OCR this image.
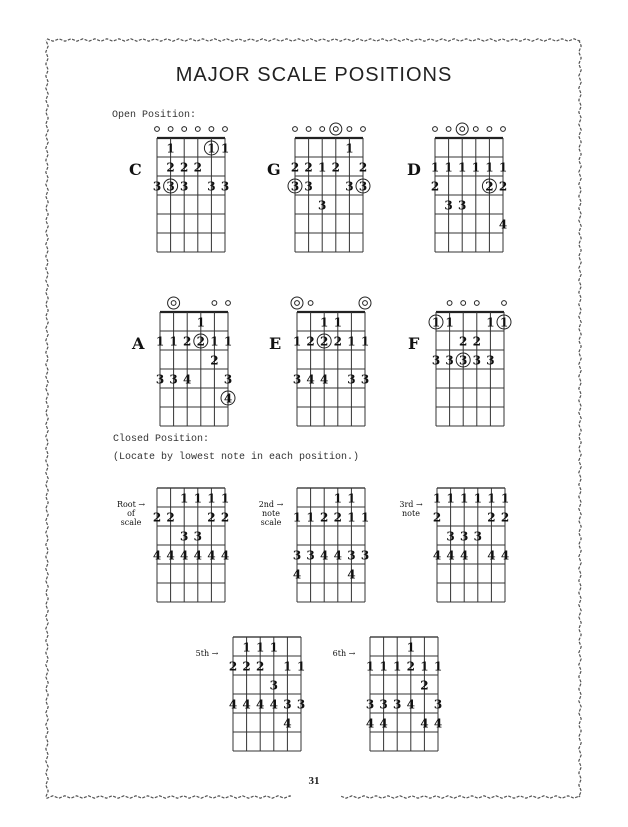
MAJOR SCALE POSITIONS
Open Position:
Closed Position:
(Locate by lowest note in each position.)
1	1 1
2 2 2
3 3 3 3 3
C
1
2 2 1 2 2
3 3	3 3
3
G	1 1 1 1 1 1
2	2 2
3 3
4
D
1
1 1 2 2 1 1
2
3 3 4	3
4
A
1 1
1 2 2 2 1 1
3 4 4 3 3
E
1 1	1 1
2 2
3 3 3 3 3
F
1 1 1 1
2 2	2 2
3 3
4 4 4 4 4 4
Root →
of
scale
1 1
1 1 2 2 1 1
3 3 4 4 3 3
4	4
2nd →
note
scale
1 1 1 1 1 1
2	2 2
3 3 3
4 4 4 4 4
3rd →
note
1 1 1
2 2 2 1 1
3
4 4 4 4 3 3
4
5th →	1
1 1 1 2 1 1
2
3 3 3 4 3
4 4	4 4
6th →
31
